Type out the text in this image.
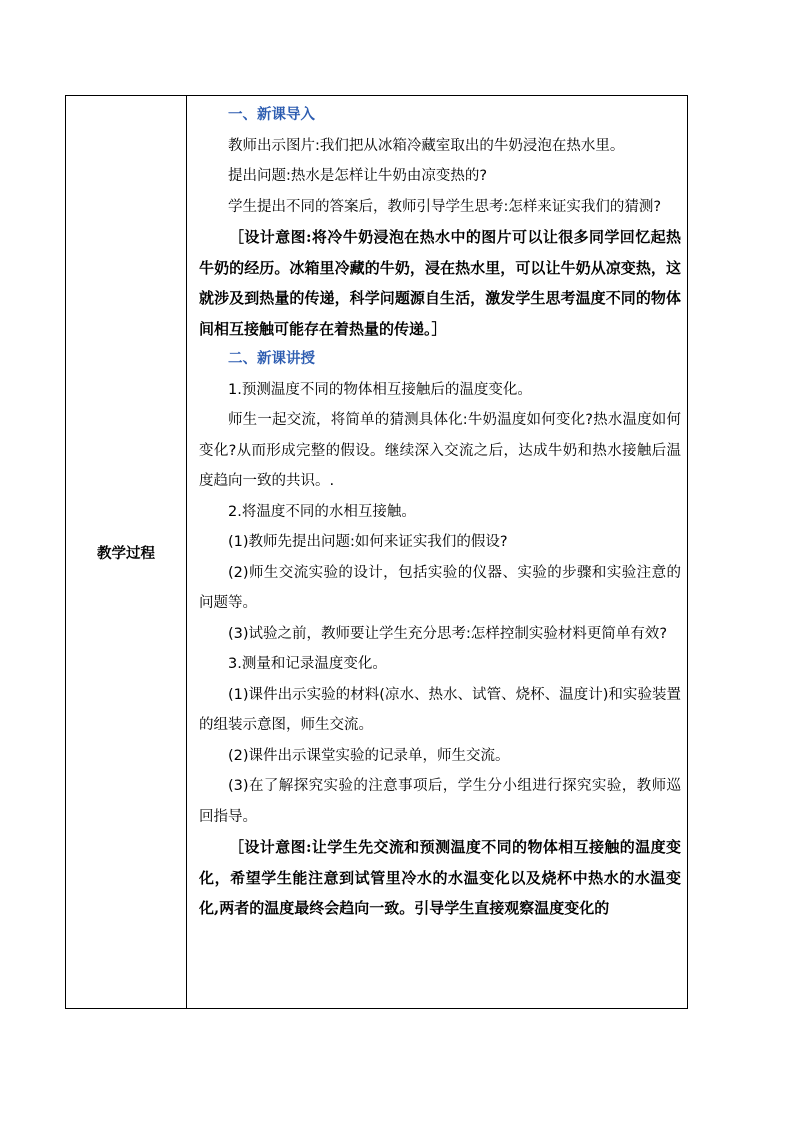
教学过程	

一、新课导入

教师出示图片:我们把从冰箱冷藏室取出的牛奶浸泡在热水里。

提出问题:热水是怎样让牛奶由凉变热的?

学生提出不同的答案后，教师引导学生思考:怎样来证实我们的猜测?

［设计意图:将冷牛奶浸泡在热水中的图片可以让很多同学回忆起热牛奶的经历。冰箱里冷藏的牛奶，浸在热水里，可以让牛奶从凉变热，这就涉及到热量的传递，科学问题源自生活，激发学生思考温度不同的物体间相互接触可能存在着热量的传递。］

二、新课讲授

1.预测温度不同的物体相互接触后的温度变化。

师生一起交流，将简单的猜测具体化:牛奶温度如何变化?热水温度如何变化?从而形成完整的假设。继续深入交流之后，达成牛奶和热水接触后温度趋向一致的共识。.

2.将温度不同的水相互接触。

(1)教师先提出问题:如何来证实我们的假设?

(2)师生交流实验的设计，包括实验的仪器、实验的步骤和实验注意的问题等。

(3)试验之前，教师要让学生充分思考:怎样控制实验材料更简单有效?

3.测量和记录温度变化。

(1)课件出示实验的材料(凉水、热水、试管、烧杯、温度计)和实验装置的组装示意图，师生交流。

(2)课件出示课堂实验的记录单，师生交流。

(3)在了解探究实验的注意事项后，学生分小组进行探究实验，教师巡回指导。

［设计意图:让学生先交流和预测温度不同的物体相互接触的温度变化，希望学生能注意到试管里冷水的水温变化以及烧杯中热水的水温变化,两者的温度最终会趋向一致。引导学生直接观察温度变化的
